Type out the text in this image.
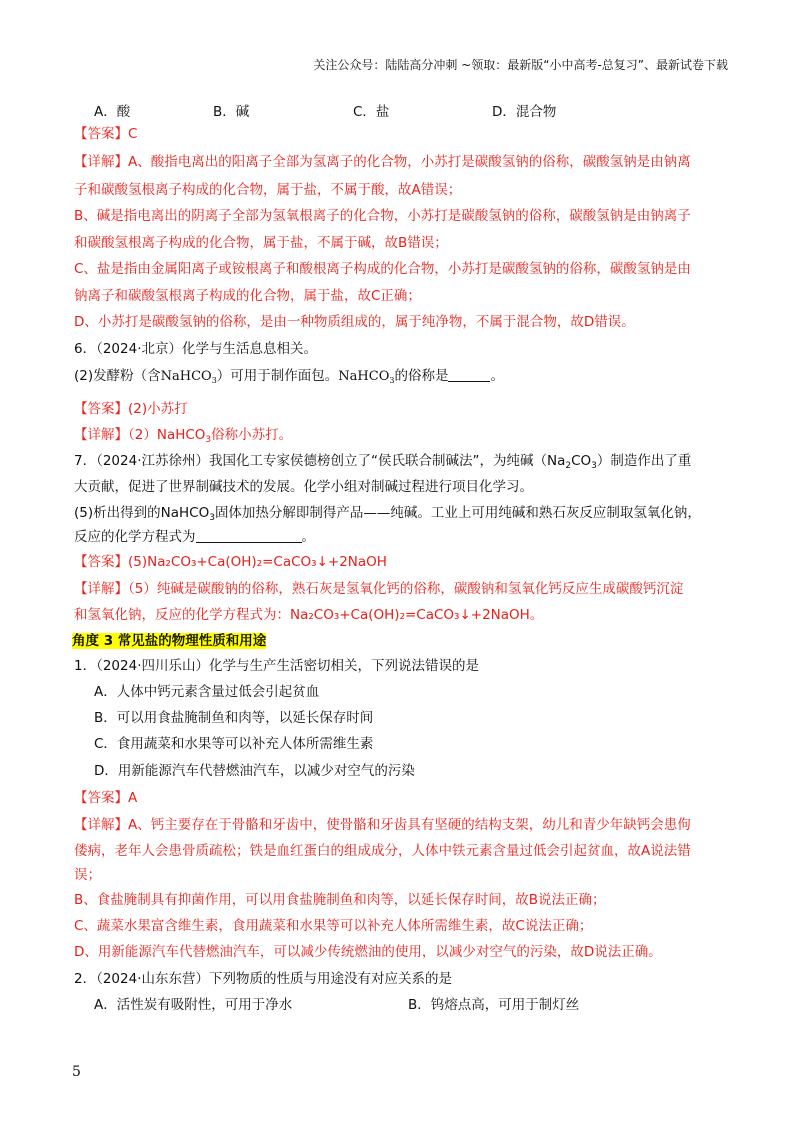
关注公众号：陆陆高分冲刺 ~领取：最新版“小中高考-总复习”、最新试卷下载
A．酸	B．碱	C．盐	D．混合物
【答案】C
【详解】A、酸指电离出的阳离子全部为氢离子的化合物，小苏打是碳酸氢钠的俗称，碳酸氢钠是由钠离
子和碳酸氢根离子构成的化合物，属于盐，不属于酸，故A错误；
B、碱是指电离出的阴离子全部为氢氧根离子的化合物，小苏打是碳酸氢钠的俗称，碳酸氢钠是由钠离子
和碳酸氢根离子构成的化合物，属于盐，不属于碱，故B错误；
C、盐是指由金属阳离子或铵根离子和酸根离子构成的化合物，小苏打是碳酸氢钠的俗称，碳酸氢钠是由
钠离子和碳酸氢根离子构成的化合物，属于盐，故C正确；
D、小苏打是碳酸氢钠的俗称，是由一种物质组成的，属于纯净物，不属于混合物，故D错误。
6．（2024·北京）化学与生活息息相关。
(2)发酵粉（含NaHCO$_3$）可用于制作面包。NaHCO$_3$的俗称是	。
【答案】(2)小苏打
【详解】（2）NaHCO$_3$俗称小苏打。
7．（2024·江苏徐州）我国化工专家侯德榜创立了“侯氏联合制碱法”，为纯碱$(Na_2CO_3)$制造作出了重
大贡献，促进了世界制碱技术的发展。化学小组对制碱过程进行项目化学习。
(5)析出得到的NaHCO$_3$固体加热分解即制得产品——纯碱。工业上可用纯碱和熟石灰反应制取氢氧化钠，
反应的化学方程式为	。
【答案】(5)Na₂CO₃+Ca(OH)₂=CaCO₃↓+2NaOH
【详解】（5）纯碱是碳酸钠的俗称，熟石灰是氢氧化钙的俗称，碳酸钠和氢氧化钙反应生成碳酸钙沉淀
和氢氧化钠，反应的化学方程式为：Na₂CO₃+Ca(OH)₂=CaCO₃↓+2NaOH。
角度 3 常见盐的物理性质和用途
1．（2024·四川乐山）化学与生产生活密切相关，下列说法错误的是
A．人体中钙元素含量过低会引起贫血
B．可以用食盐腌制鱼和肉等，以延长保存时间
C．食用蔬菜和水果等可以补充人体所需维生素
D．用新能源汽车代替燃油汽车，以减少对空气的污染
【答案】A
【详解】A、钙主要存在于骨骼和牙齿中，使骨骼和牙齿具有坚硬的结构支架，幼儿和青少年缺钙会患佝
偻病，老年人会患骨质疏松；铁是血红蛋白的组成成分，人体中铁元素含量过低会引起贫血，故A说法错
误；
B、食盐腌制具有抑菌作用，可以用食盐腌制鱼和肉等，以延长保存时间，故B说法正确；
C、蔬菜水果富含维生素，食用蔬菜和水果等可以补充人体所需维生素，故C说法正确；
D、用新能源汽车代替燃油汽车，可以减少传统燃油的使用，以减少对空气的污染，故D说法正确。
2．（2024·山东东营）下列物质的性质与用途没有对应关系的是
A．活性炭有吸附性，可用于净水	B．钨熔点高，可用于制灯丝
5
